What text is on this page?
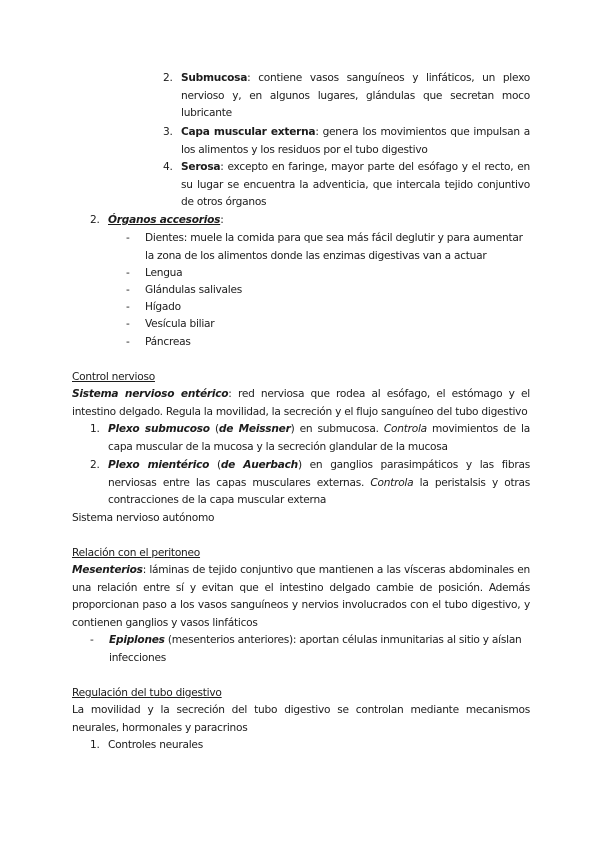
2. Submucosa: contiene vasos sanguíneos y linfáticos, un plexo nervioso y, en algunos lugares, glándulas que secretan moco lubricante
3. Capa muscular externa: genera los movimientos que impulsan a los alimentos y los residuos por el tubo digestivo
4. Serosa: excepto en faringe, mayor parte del esófago y el recto, en su lugar se encuentra la adventicia, que intercala tejido conjuntivo de otros órganos
2. Órganos accesorios:
-	Dientes: muele la comida para que sea más fácil deglutir y para aumentar la zona de los alimentos donde las enzimas digestivas van a actuar
-	Lengua
-	Glándulas salivales
-	Hígado
-	Vesícula biliar
-	Páncreas
Control nervioso
Sistema nervioso entérico: red nerviosa que rodea al esófago, el estómago y el intestino delgado. Regula la movilidad, la secreción y el flujo sanguíneo del tubo digestivo
1. Plexo submucoso (de Meissner) en submucosa. Controla movimientos de la capa muscular de la mucosa y la secreción glandular de la mucosa
2. Plexo mientérico (de Auerbach) en ganglios parasimpáticos y las fibras nerviosas entre las capas musculares externas. Controla la peristalsis y otras contracciones de la capa muscular externa
Sistema nervioso autónomo
Relación con el peritoneo
Mesenterios: láminas de tejido conjuntivo que mantienen a las vísceras abdominales en una relación entre sí y evitan que el intestino delgado cambie de posición. Además proporcionan paso a los vasos sanguíneos y nervios involucrados con el tubo digestivo, y contienen ganglios y vasos linfáticos
-	Epiplones (mesenterios anteriores): aportan células inmunitarias al sitio y aíslan infecciones
Regulación del tubo digestivo
La movilidad y la secreción del tubo digestivo se controlan mediante mecanismos neurales, hormonales y paracrinos
1. Controles neurales
